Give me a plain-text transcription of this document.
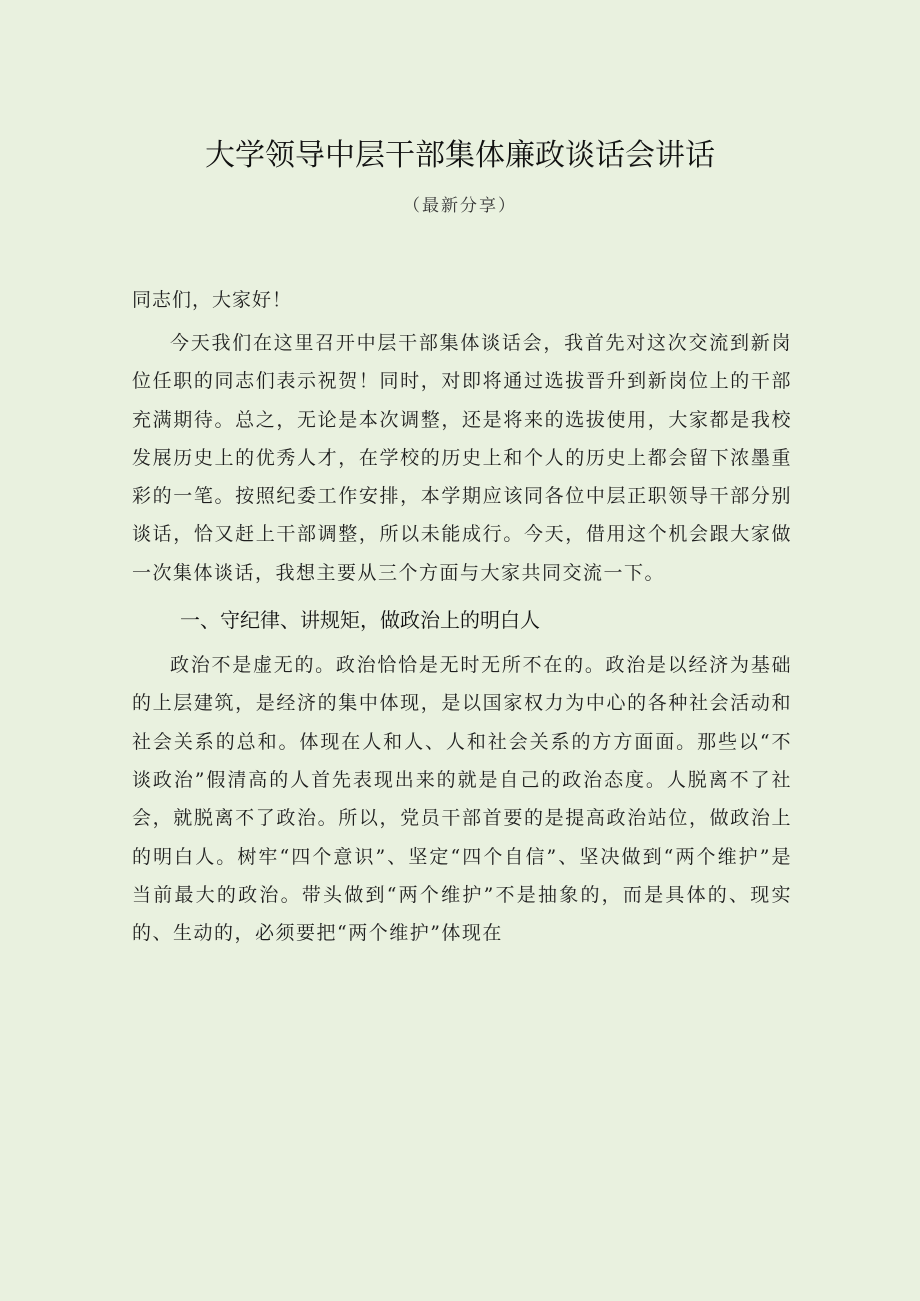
大学领导中层干部集体廉政谈话会讲话
（最新分享）

同志们，大家好！

今天我们在这里召开中层干部集体谈话会，我首先对这次交流到新岗位任职的同志们表示祝贺！同时，对即将通过选拔晋升到新岗位上的干部充满期待。总之，无论是本次调整，还是将来的选拔使用，大家都是我校发展历史上的优秀人才，在学校的历史上和个人的历史上都会留下浓墨重彩的一笔。按照纪委工作安排，本学期应该同各位中层正职领导干部分别谈话，恰又赶上干部调整，所以未能成行。今天，借用这个机会跟大家做一次集体谈话，我想主要从三个方面与大家共同交流一下。

一、守纪律、讲规矩，做政治上的明白人

政治不是虚无的。政治恰恰是无时无所不在的。政治是以经济为基础的上层建筑，是经济的集中体现，是以国家权力为中心的各种社会活动和社会关系的总和。体现在人和人、人和社会关系的方方面面。那些以“不谈政治”假清高的人首先表现出来的就是自己的政治态度。人脱离不了社会，就脱离不了政治。所以，党员干部首要的是提高政治站位，做政治上的明白人。树牢“四个意识”、坚定“四个自信”、坚决做到“两个维护”是当前最大的政治。带头做到“两个维护”不是抽象的，而是具体的、现实的、生动的，必须要把“两个维护”体现在
